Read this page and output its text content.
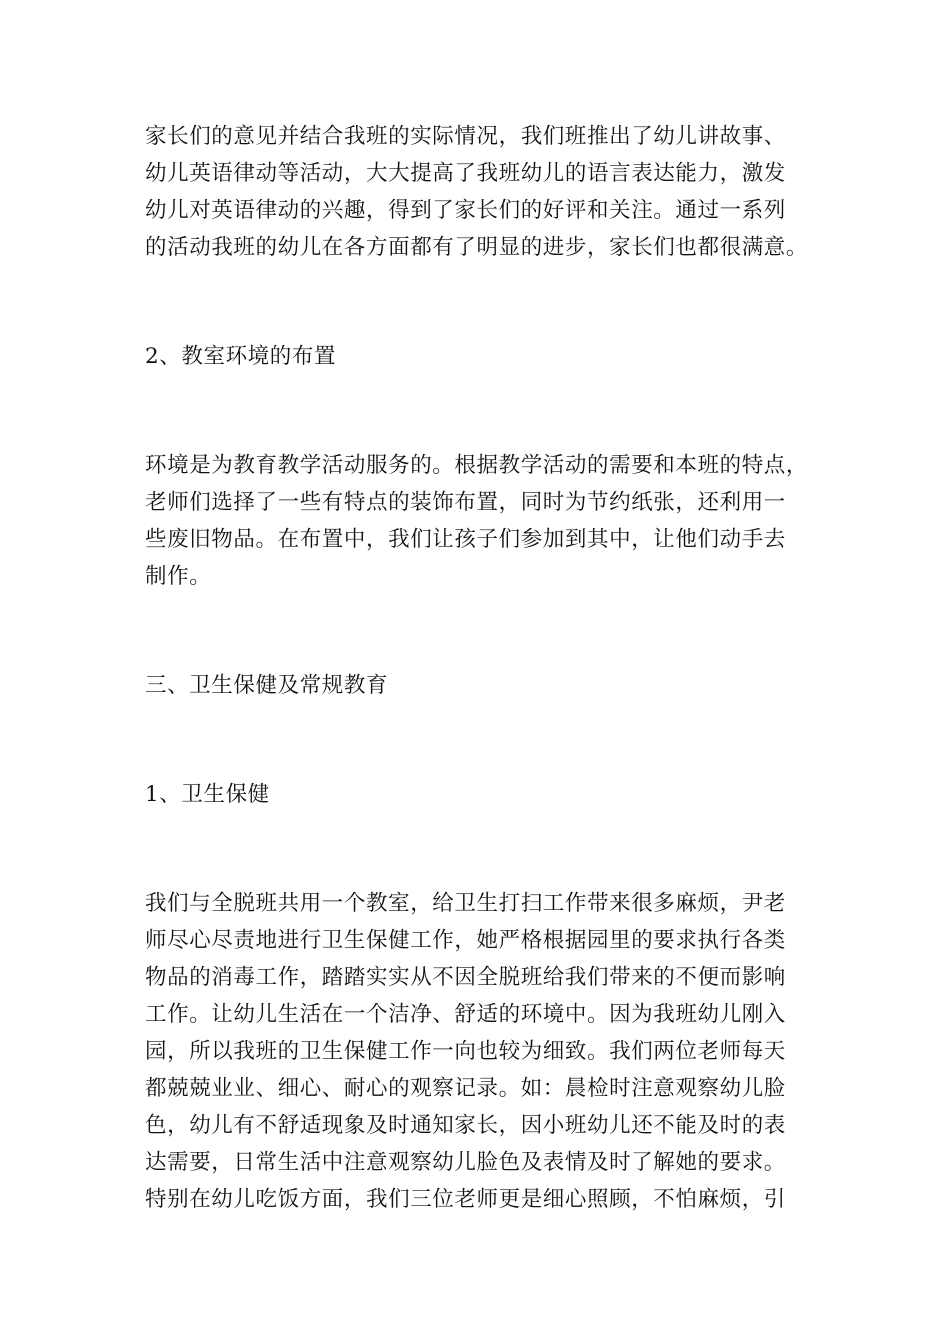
家长们的意见并结合我班的实际情况，我们班推出了幼儿讲故事、
幼儿英语律动等活动，大大提高了我班幼儿的语言表达能力，激发
幼儿对英语律动的兴趣，得到了家长们的好评和关注。通过一系列
的活动我班的幼儿在各方面都有了明显的进步，家长们也都很满意。
2、教室环境的布置
环境是为教育教学活动服务的。根据教学活动的需要和本班的特点，
老师们选择了一些有特点的装饰布置，同时为节约纸张，还利用一
些废旧物品。在布置中，我们让孩子们参加到其中，让他们动手去
制作。
三、卫生保健及常规教育
1、卫生保健
我们与全脱班共用一个教室，给卫生打扫工作带来很多麻烦，尹老
师尽心尽责地进行卫生保健工作，她严格根据园里的要求执行各类
物品的消毒工作，踏踏实实从不因全脱班给我们带来的不便而影响
工作。让幼儿生活在一个洁净、舒适的环境中。因为我班幼儿刚入
园，所以我班的卫生保健工作一向也较为细致。我们两位老师每天
都兢兢业业、细心、耐心的观察记录。如：晨检时注意观察幼儿脸
色，幼儿有不舒适现象及时通知家长，因小班幼儿还不能及时的表
达需要，日常生活中注意观察幼儿脸色及表情及时了解她的要求。
特别在幼儿吃饭方面，我们三位老师更是细心照顾，不怕麻烦，引
